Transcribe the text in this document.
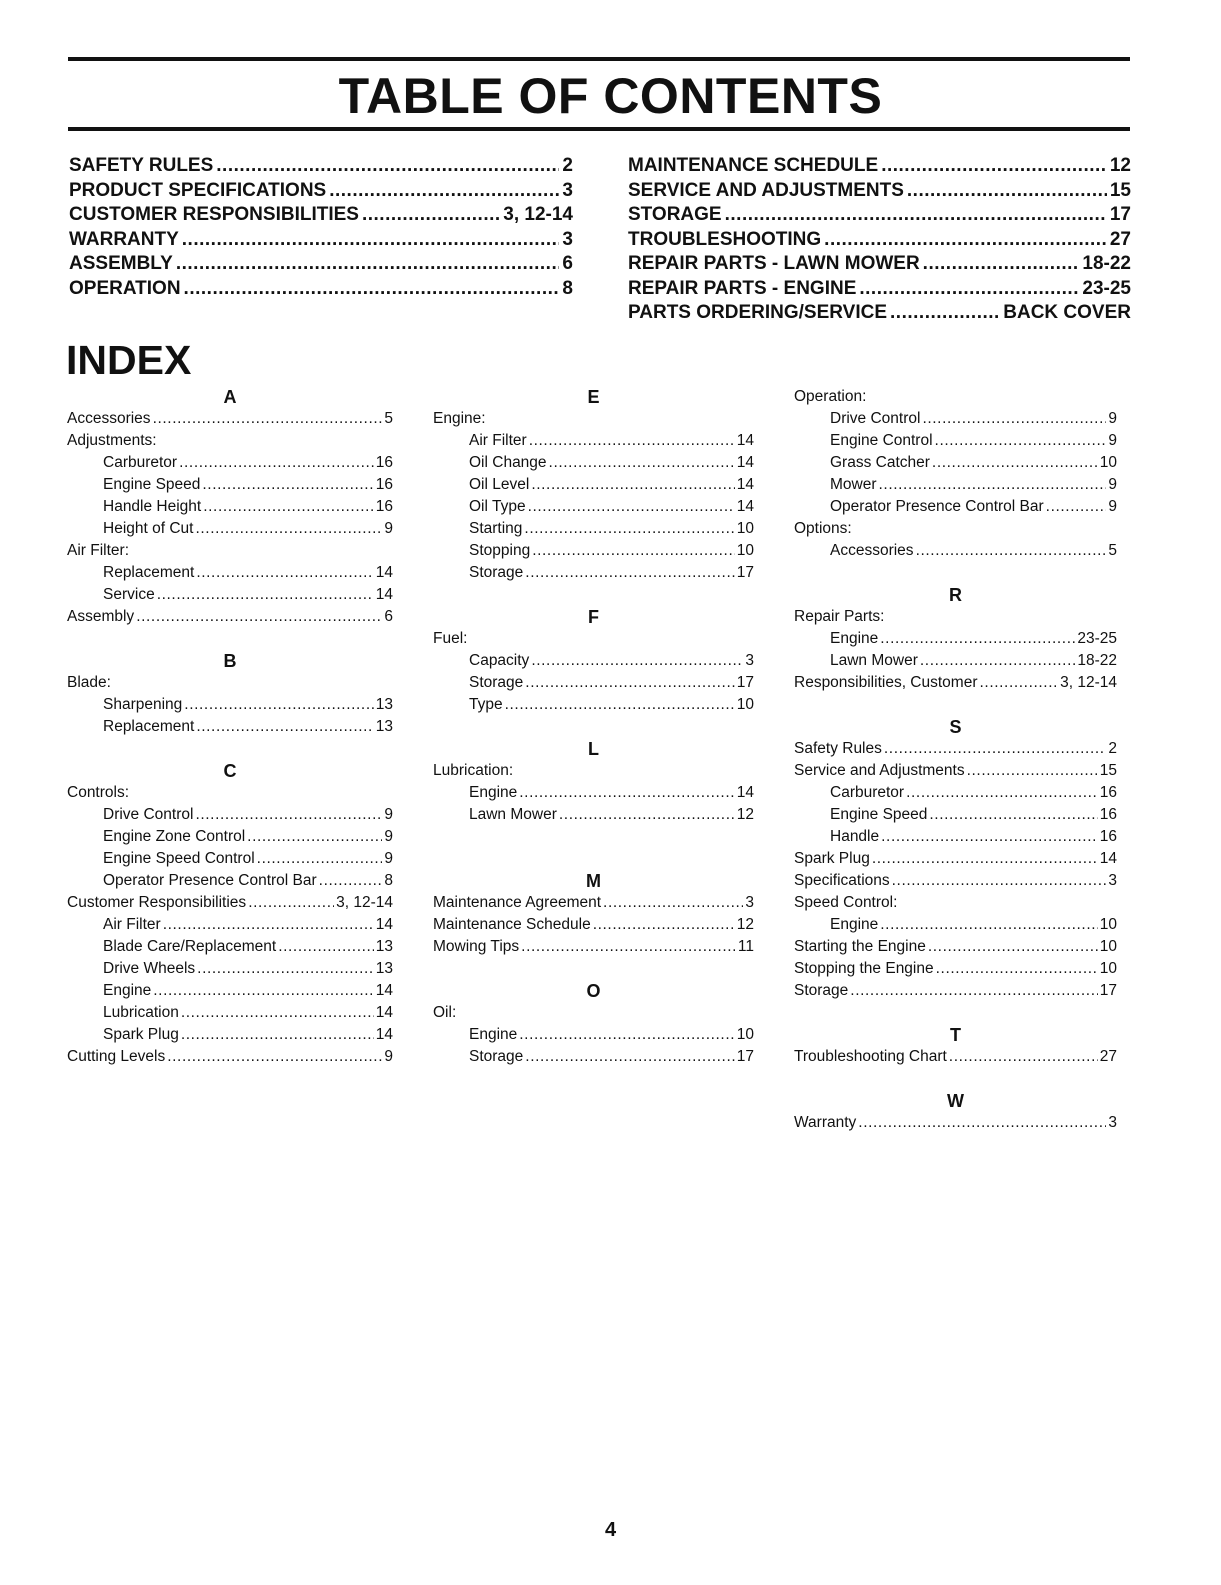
TABLE OF CONTENTS
SAFETY RULES .....	2
PRODUCT SPECIFICATIONS .....	3
CUSTOMER RESPONSIBILITIES .....	3, 12-14
WARRANTY .....	3
ASSEMBLY .....	6
OPERATION .....	8
MAINTENANCE SCHEDULE .....	12
SERVICE AND ADJUSTMENTS .....	15
STORAGE .....	17
TROUBLESHOOTING .....	27
REPAIR PARTS - LAWN MOWER .....	18-22
REPAIR PARTS - ENGINE .....	23-25
PARTS ORDERING/SERVICE .....	BACK COVER
INDEX
A
Accessories .....	5
Adjustments:
Carburetor .....	16
Engine Speed .....	16
Handle Height .....	16
Height of Cut .....	9
Air Filter:
Replacement .....	14
Service .....	14
Assembly .....	6
B
Blade:
Sharpening .....	13
Replacement .....	13
C
Controls:
Drive Control .....	9
Engine Zone Control .....	9
Engine Speed Control .....	9
Operator Presence Control Bar .....	8
Customer Responsibilities .....	3, 12-14
Air Filter .....	14
Blade Care/Replacement .....	13
Drive Wheels .....	13
Engine .....	14
Lubrication .....	14
Spark Plug .....	14
Cutting Levels .....	9
E
Engine:
Air Filter .....	14
Oil Change .....	14
Oil Level .....	14
Oil Type .....	14
Starting .....	10
Stopping .....	10
Storage .....	17
F
Fuel:
Capacity .....	3
Storage .....	17
Type .....	10
L
Lubrication:
Engine .....	14
Lawn Mower .....	12
M
Maintenance Agreement .....	3
Maintenance Schedule .....	12
Mowing Tips .....	11
O
Oil:
Engine .....	10
Storage .....	17
Operation:
Drive Control .....	9
Engine Control .....	9
Grass Catcher .....	10
Mower .....	9
Operator Presence Control Bar .....	9
Options:
Accessories .....	5
R
Repair Parts:
Engine .....	23-25
Lawn Mower .....	18-22
Responsibilities, Customer .....	3, 12-14
S
Safety Rules .....	2
Service and Adjustments .....	15
Carburetor .....	16
Engine Speed .....	16
Handle .....	16
Spark Plug .....	14
Specifications .....	3
Speed Control:
Engine .....	10
Starting the Engine .....	10
Stopping the Engine .....	10
Storage .....	17
T
Troubleshooting Chart .....	27
W
Warranty .....	3
4
